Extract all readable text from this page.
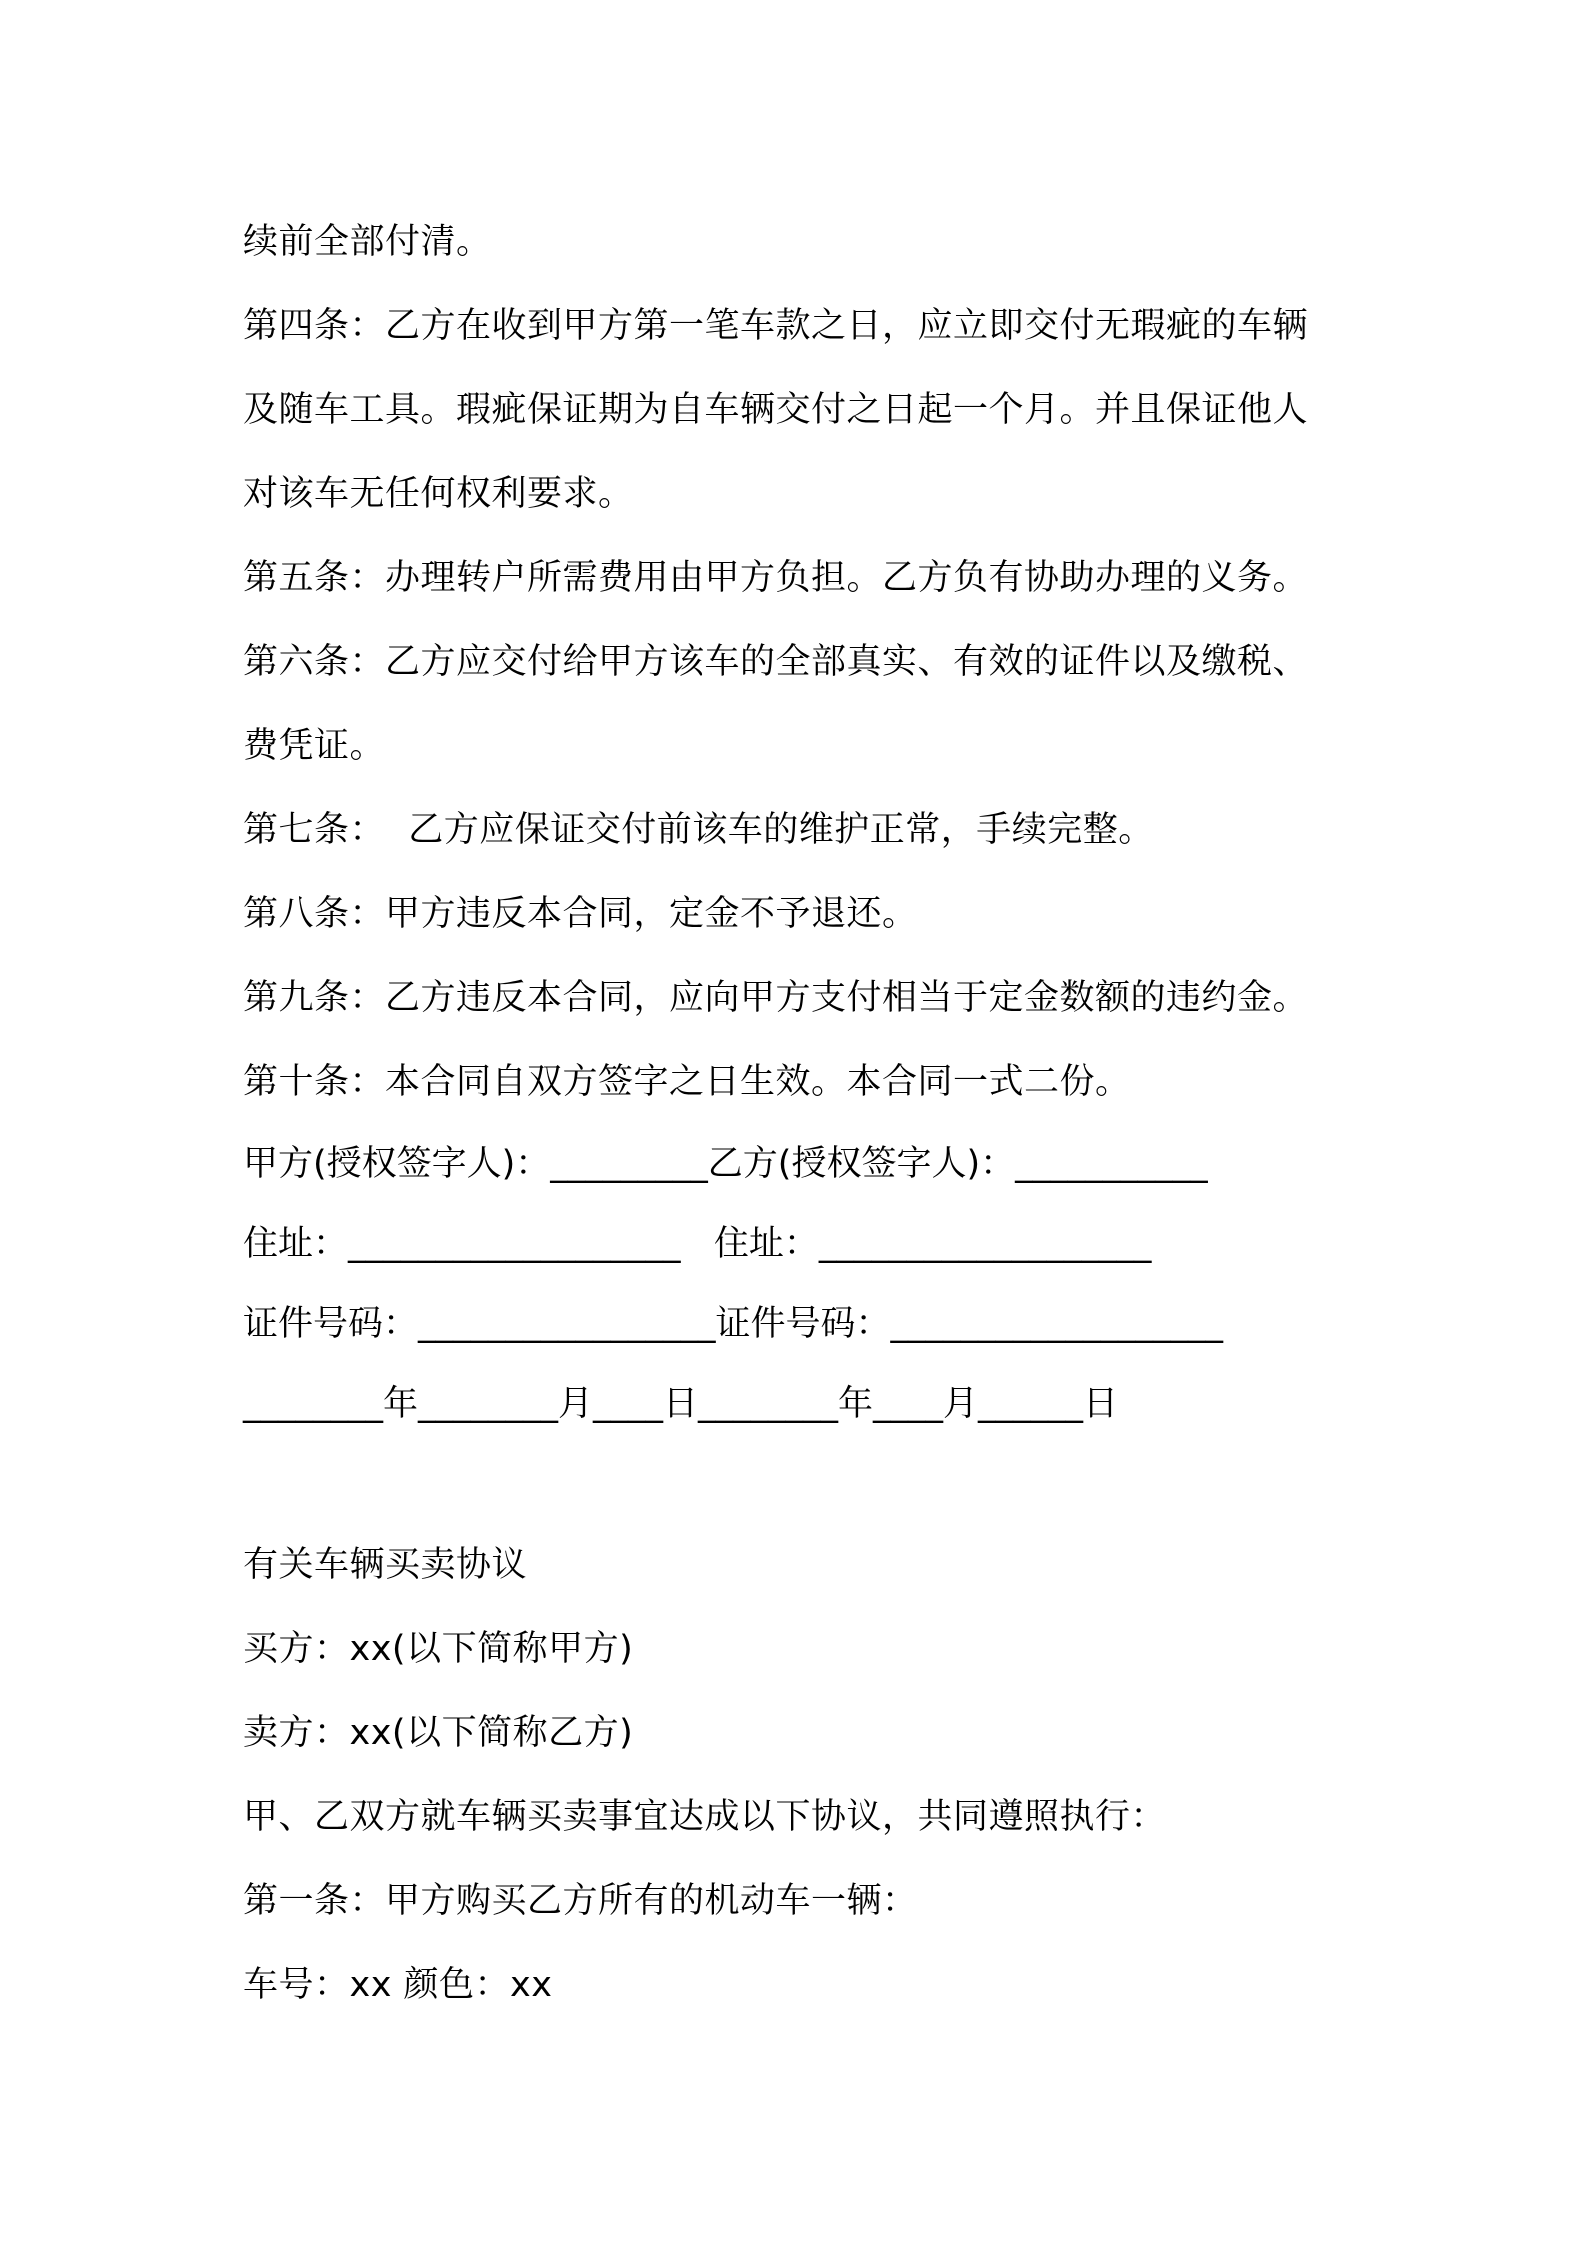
续前全部付清。
第四条：乙方在收到甲方第一笔车款之日，应立即交付无瑕疵的车辆
及随车工具。瑕疵保证期为自车辆交付之日起一个月。并且保证他人
对该车无任何权利要求。
第五条：办理转户所需费用由甲方负担。乙方负有协助办理的义务。
第六条：乙方应交付给甲方该车的全部真实、有效的证件以及缴税、
费凭证。
第七条：  乙方应保证交付前该车的维护正常，手续完整。
第八条：甲方违反本合同，定金不予退还。
第九条：乙方违反本合同，应向甲方支付相当于定金数额的违约金。
第十条：本合同自双方签字之日生效。本合同一式二份。
甲方(授权签字人)：_________乙方(授权签字人)：___________
住址：___________________   住址：___________________
证件号码：_________________证件号码：___________________
________年________月____日________年____月______日
有关车辆买卖协议
买方：xx(以下简称甲方)
卖方：xx(以下简称乙方)
甲、乙双方就车辆买卖事宜达成以下协议，共同遵照执行：
第一条：甲方购买乙方所有的机动车一辆：
车号：xx 颜色：xx
